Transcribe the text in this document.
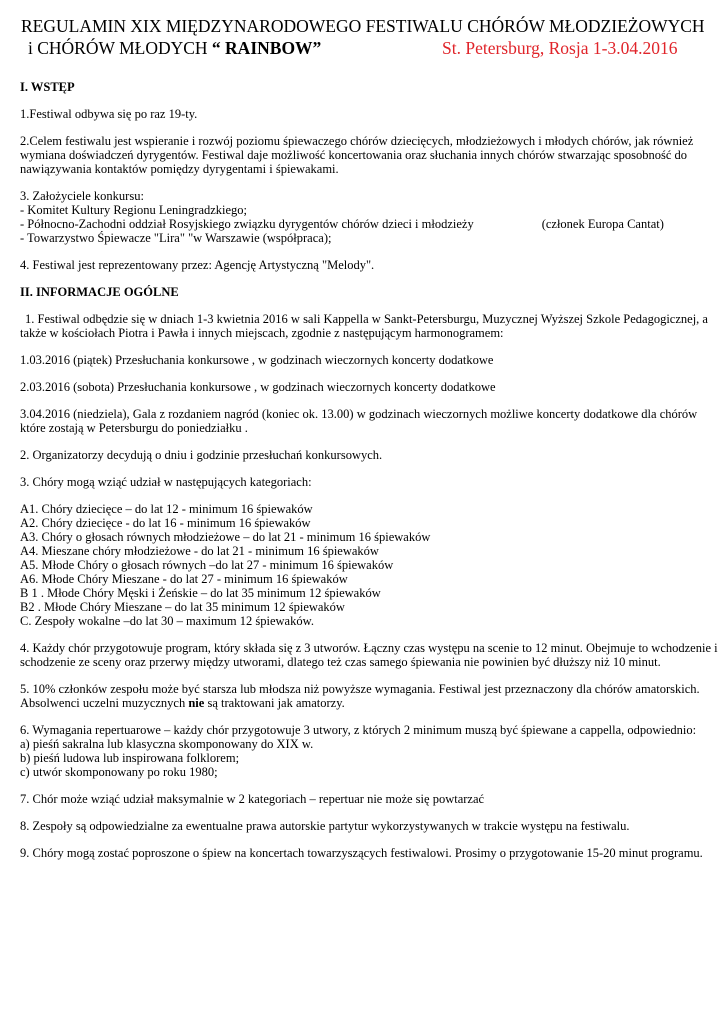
REGULAMIN XIX MIĘDZYNARODOWEGO FESTIWALU CHÓRÓW MŁODZIEŻOWYCH
i CHÓRÓW MŁODYCH “ RAINBOW”	St. Petersburg, Rosja 1-3.04.2016
I. WSTĘP

1.Festiwal odbywa się po raz 19-ty.

2.Celem festiwalu jest wspieranie i rozwój poziomu śpiewaczego chórów dziecięcych, młodzieżowych i młodych chórów, jak również
wymiana doświadczeń dyrygentów. Festiwal daje możliwość koncertowania oraz słuchania innych chórów stwarzając sposobność do
nawiązywania kontaktów pomiędzy dyrygentami i śpiewakami.

3. Założyciele konkursu:
- Komitet Kultury Regionu Leningradzkiego;
- Północno-Zachodni oddział Rosyjskiego związku dyrygentów chórów dzieci i młodzieży	(członek Europa Cantat)
- Towarzystwo Śpiewacze "Lira" "w Warszawie (współpraca);

4. Festiwal jest reprezentowany przez: Agencję Artystyczną "Melody".

II. INFORMACJE OGÓLNE

1. Festiwal odbędzie się w dniach 1-3 kwietnia 2016 w sali Kappella w Sankt-Petersburgu, Muzycznej Wyższej Szkole Pedagogicznej, a
także w kościołach Piotra i Pawła i innych miejscach, zgodnie z następującym harmonogramem:

1.03.2016 (piątek) Przesłuchania konkursowe , w godzinach wieczornych koncerty dodatkowe

2.03.2016 (sobota) Przesłuchania konkursowe , w godzinach wieczornych koncerty dodatkowe

3.04.2016 (niedziela), Gala z rozdaniem nagród (koniec ok. 13.00) w godzinach wieczornych możliwe koncerty dodatkowe dla chórów
które zostają w Petersburgu do poniedziałku .

2. Organizatorzy decydują o dniu i godzinie przesłuchań konkursowych.

3. Chóry mogą wziąć udział w następujących kategoriach:

A1. Chóry dziecięce – do lat 12 - minimum 16 śpiewaków
A2. Chóry dziecięce - do lat 16 - minimum 16 śpiewaków
A3. Chóry o głosach równych młodzieżowe – do lat 21 - minimum 16 śpiewaków
A4. Mieszane chóry młodzieżowe - do lat 21 - minimum 16 śpiewaków
A5. Młode Chóry o głosach równych –do lat 27 - minimum 16 śpiewaków
A6. Młode Chóry Mieszane - do lat 27 - minimum 16 śpiewaków
B 1 . Młode Chóry Męski i Żeńskie – do lat 35 minimum 12 śpiewaków
B2 . Młode Chóry Mieszane – do lat 35 minimum 12 śpiewaków
C. Zespoły wokalne –do lat 30 – maximum 12 śpiewaków.

4. Każdy chór przygotowuje program, który składa się z 3 utworów. Łączny czas występu na scenie to 12 minut. Obejmuje to wchodzenie i
schodzenie ze sceny oraz przerwy między utworami, dlatego też czas samego śpiewania nie powinien być dłuższy niż 10 minut.

5. 10% członków zespołu może być starsza lub młodsza niż powyższe wymagania. Festiwal jest przeznaczony dla chórów amatorskich.
Absolwenci uczelni muzycznych nie są traktowani jak amatorzy.

6. Wymagania repertuarowe – każdy chór przygotowuje 3 utwory, z których 2 minimum muszą być śpiewane a cappella, odpowiednio:
a) pieśń sakralna lub klasyczna skomponowany do XIX w.
b) pieśń ludowa lub inspirowana folklorem;
c) utwór skomponowany po roku 1980;

7. Chór może wziąć udział maksymalnie w 2 kategoriach – repertuar nie może się powtarzać

8. Zespoły są odpowiedzialne za ewentualne prawa autorskie partytur wykorzystywanych w trakcie występu na festiwalu.

9. Chóry mogą zostać poproszone o śpiew na koncertach towarzyszących festiwalowi. Prosimy o przygotowanie 15-20 minut programu.
